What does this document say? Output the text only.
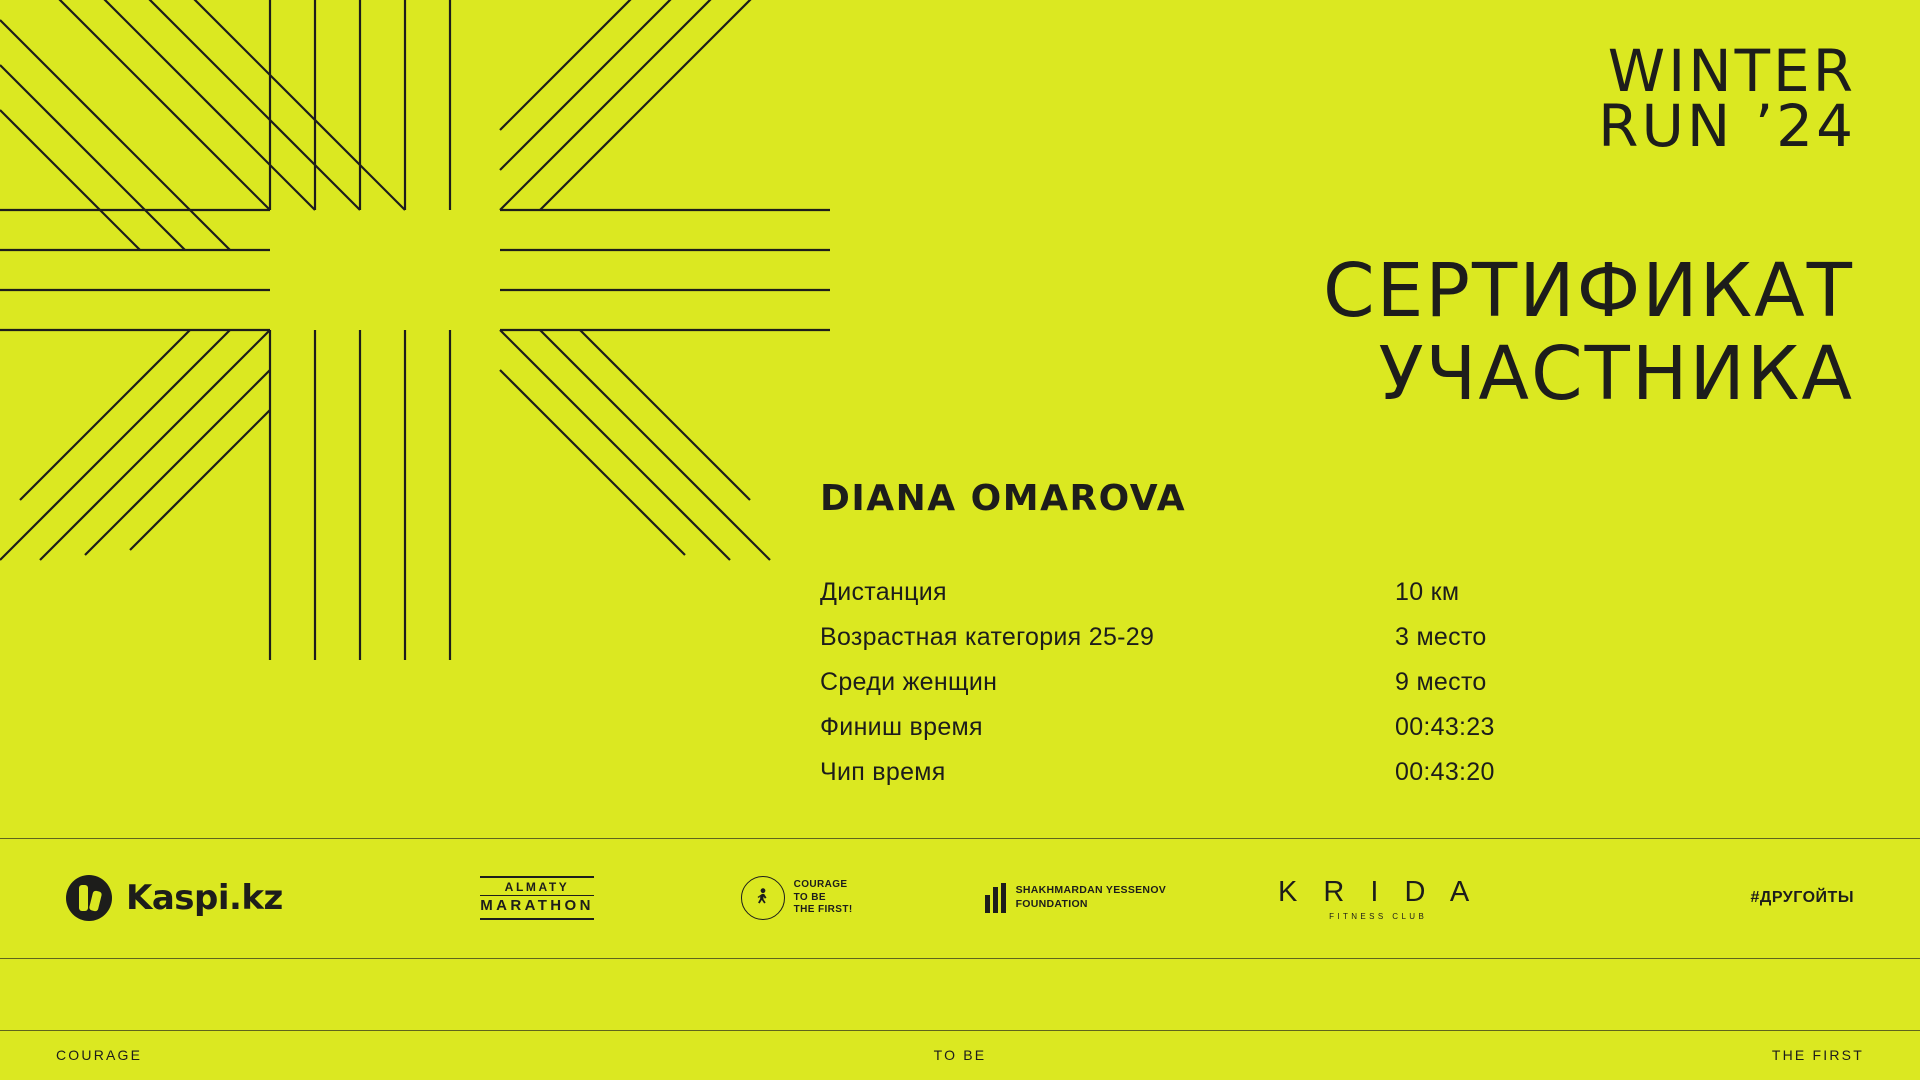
WINTER
RUN ’24
СЕРТИФИКАТ
УЧАСТНИКА
DIANA OMAROVA
Дистанция	10 км
Возрастная категория 25-29	3 место
Среди женщин	9 место
Финиш время	00:43:23
Чип время	00:43:20
Kaspi.kz	ALMATY
MARATHON
COURAGE
TO BE
THE FIRST!
SHAKHMARDAN YESSENOV
FOUNDATION	K R I D A
FITNESS CLUB
#ДРУГОЙТЫ
COURAGE	TO BE	THE FIRST
